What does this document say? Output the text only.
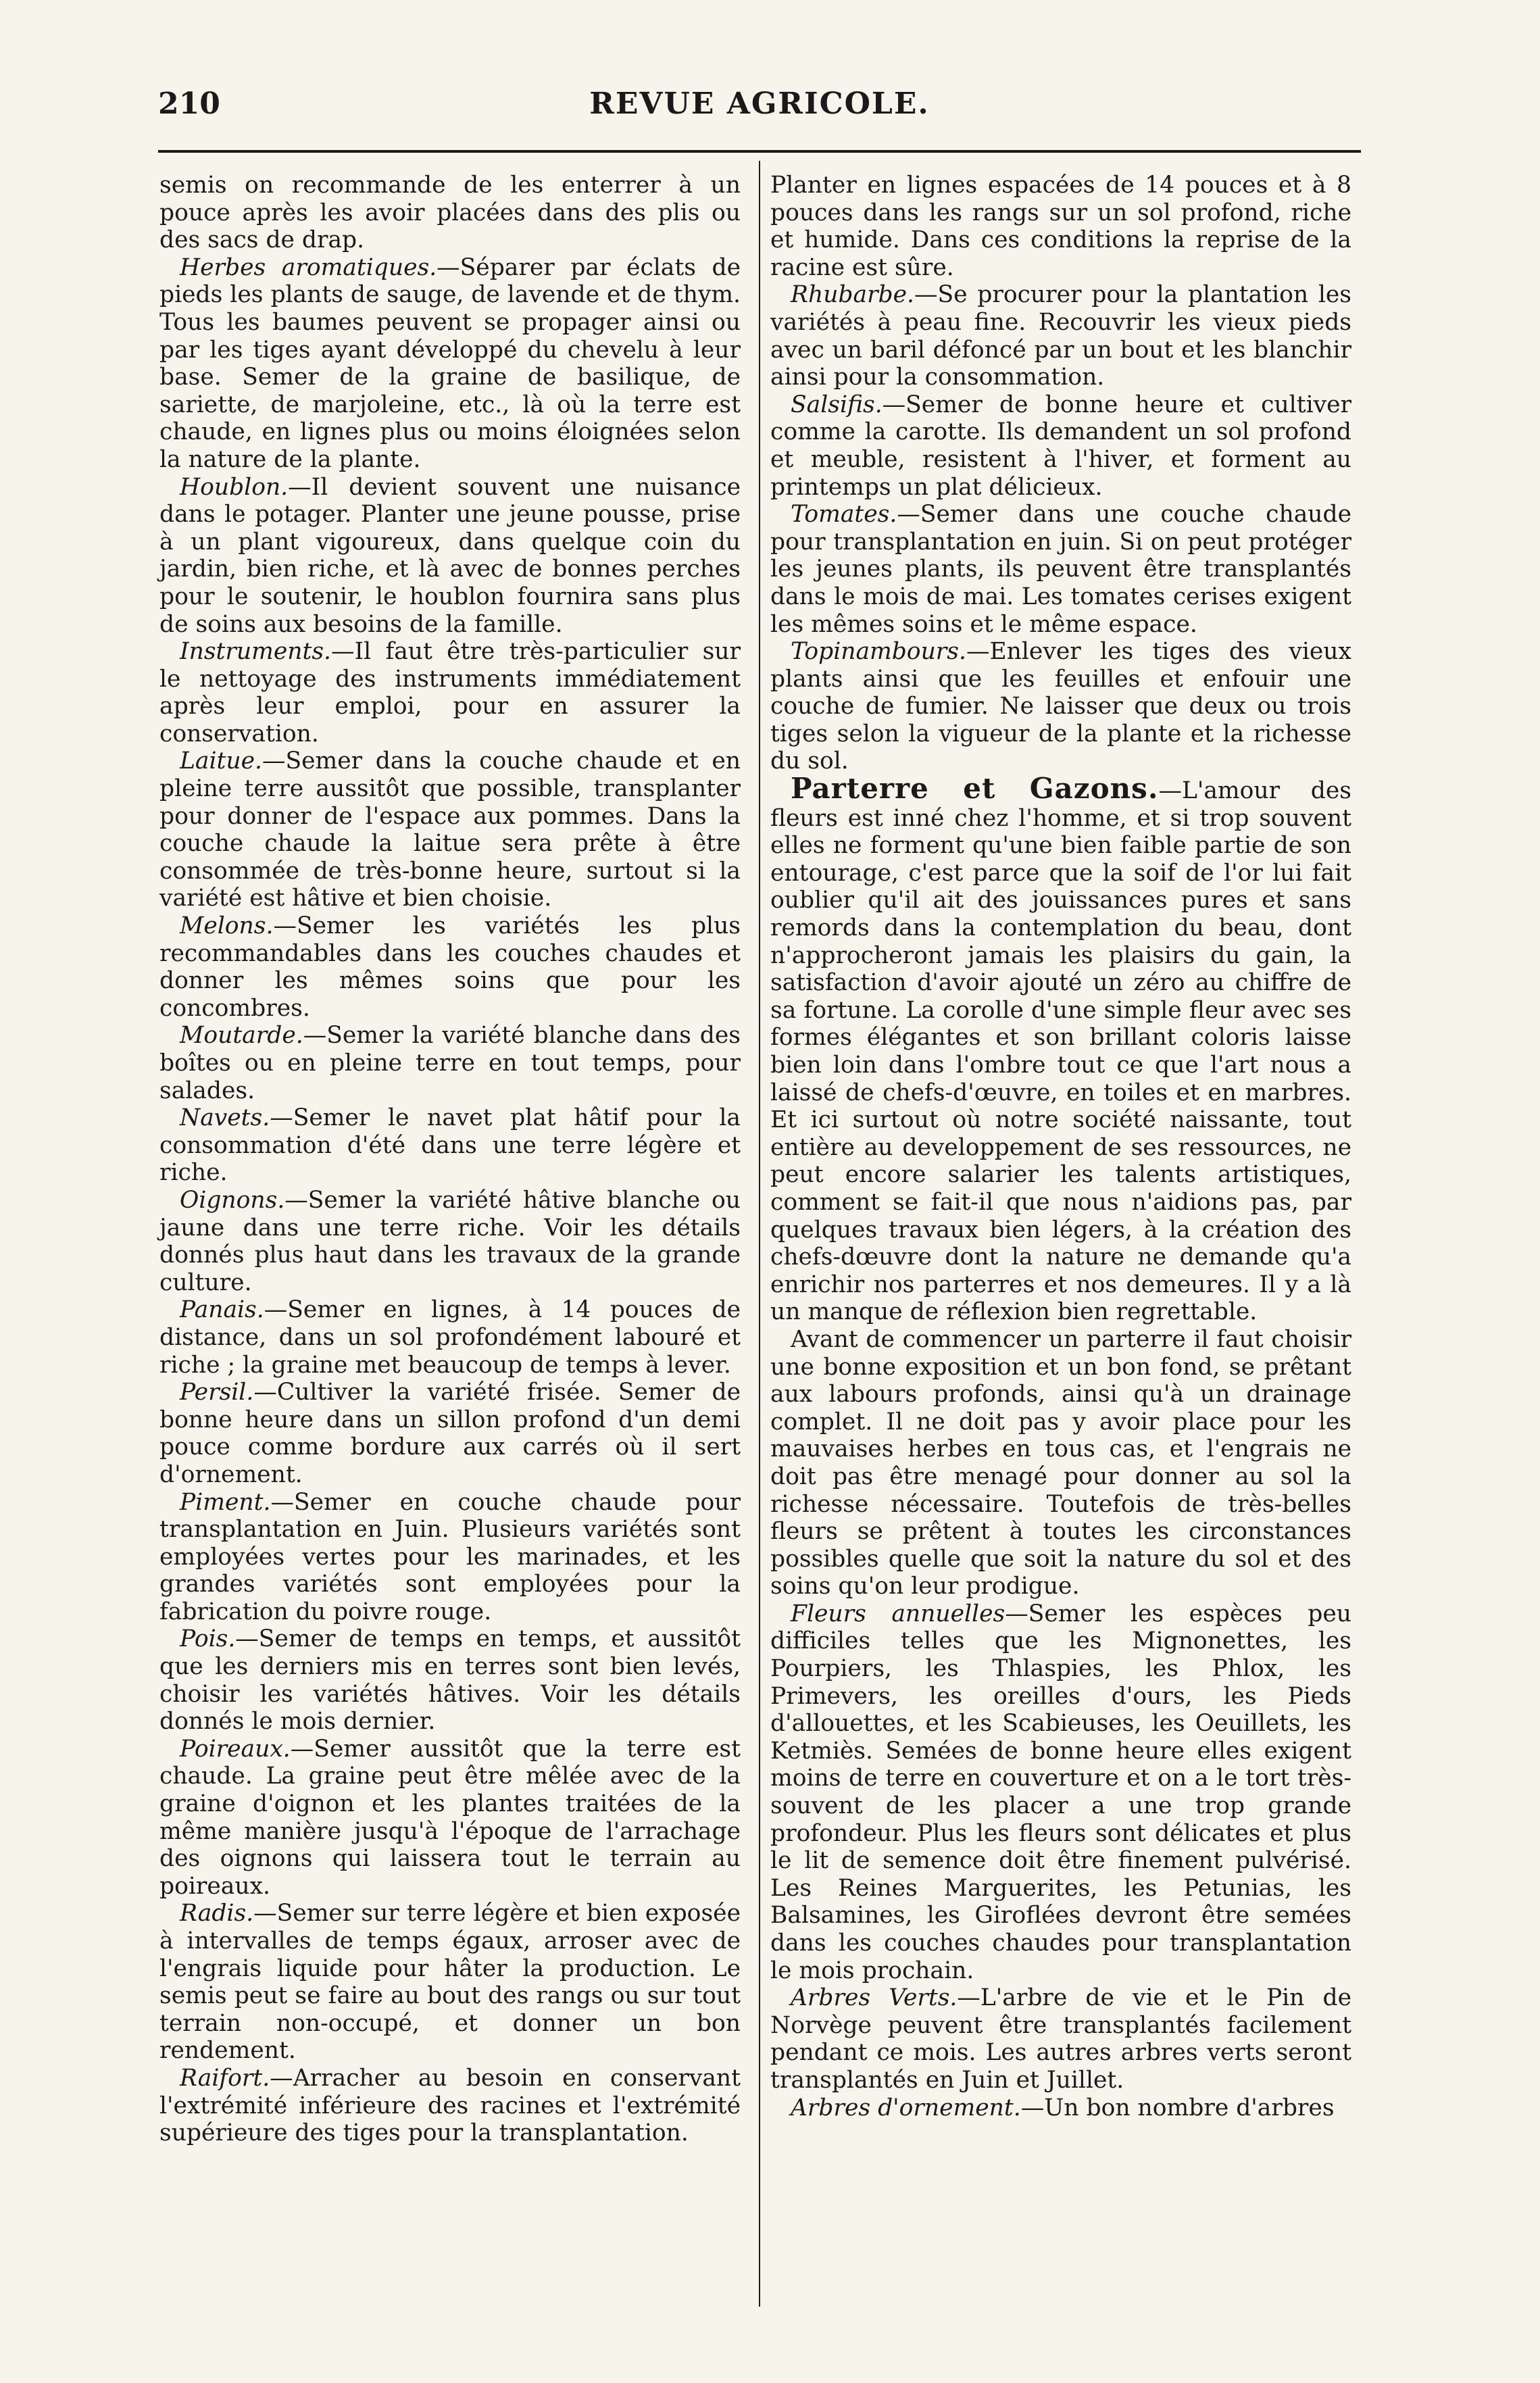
210	REVUE AGRICOLE.

semis on recommande de les enterrer à un pouce après les avoir placées dans des plis ou des sacs de drap.

Herbes aromatiques.—Séparer par éclats de pieds les plants de sauge, de lavende et de thym. Tous les baumes peuvent se propager ainsi ou par les tiges ayant développé du chevelu à leur base. Semer de la graine de basilique, de sariette, de marjoleine, etc., là où la terre est chaude, en lignes plus ou moins éloignées selon la nature de la plante.

Houblon.—Il devient souvent une nuisance dans le potager. Planter une jeune pousse, prise à un plant vigoureux, dans quelque coin du jardin, bien riche, et là avec de bonnes perches pour le soutenir, le houblon fournira sans plus de soins aux besoins de la famille.

Instruments.—Il faut être très-particulier sur le nettoyage des instruments immédiatement après leur emploi, pour en assurer la conservation.

Laitue.—Semer dans la couche chaude et en pleine terre aussitôt que possible, transplanter pour donner de l'espace aux pommes. Dans la couche chaude la laitue sera prête à être consommée de très-bonne heure, surtout si la variété est hâtive et bien choisie.

Melons.—Semer les variétés les plus recommandables dans les couches chaudes et donner les mêmes soins que pour les concombres.

Moutarde.—Semer la variété blanche dans des boîtes ou en pleine terre en tout temps, pour salades.

Navets.—Semer le navet plat hâtif pour la consommation d'été dans une terre légère et riche.

Oignons.—Semer la variété hâtive blanche ou jaune dans une terre riche. Voir les détails donnés plus haut dans les travaux de la grande culture.

Panais.—Semer en lignes, à 14 pouces de distance, dans un sol profondément labouré et riche ; la graine met beaucoup de temps à lever.

Persil.—Cultiver la variété frisée. Semer de bonne heure dans un sillon profond d'un demi pouce comme bordure aux carrés où il sert d'ornement.

Piment.—Semer en couche chaude pour transplantation en Juin. Plusieurs variétés sont employées vertes pour les marinades, et les grandes variétés sont employées pour la fabrication du poivre rouge.

Pois.—Semer de temps en temps, et aussitôt que les derniers mis en terres sont bien levés, choisir les variétés hâtives. Voir les détails donnés le mois dernier.

Poireaux.—Semer aussitôt que la terre est chaude. La graine peut être mêlée avec de la graine d'oignon et les plantes traitées de la même manière jusqu'à l'époque de l'arrachage des oignons qui laissera tout le terrain au poireaux.

Radis.—Semer sur terre légère et bien exposée à intervalles de temps égaux, arroser avec de l'engrais liquide pour hâter la production. Le semis peut se faire au bout des rangs ou sur tout terrain non-occupé, et donner un bon rendement.

Raifort.—Arracher au besoin en conservant l'extrémité inférieure des racines et l'extrémité supérieure des tiges pour la transplantation.

Planter en lignes espacées de 14 pouces et à 8 pouces dans les rangs sur un sol profond, riche et humide. Dans ces conditions la reprise de la racine est sûre.

Rhubarbe.—Se procurer pour la plantation les variétés à peau fine. Recouvrir les vieux pieds avec un baril défoncé par un bout et les blanchir ainsi pour la consommation.

Salsifis.—Semer de bonne heure et cultiver comme la carotte. Ils demandent un sol profond et meuble, resistent à l'hiver, et forment au printemps un plat délicieux.

Tomates.—Semer dans une couche chaude pour transplantation en juin. Si on peut protéger les jeunes plants, ils peuvent être transplantés dans le mois de mai. Les tomates cerises exigent les mêmes soins et le même espace.

Topinambours.—Enlever les tiges des vieux plants ainsi que les feuilles et enfouir une couche de fumier. Ne laisser que deux ou trois tiges selon la vigueur de la plante et la richesse du sol.

Parterre et Gazons.—L'amour des fleurs est inné chez l'homme, et si trop souvent elles ne forment qu'une bien faible partie de son entourage, c'est parce que la soif de l'or lui fait oublier qu'il ait des jouissances pures et sans remords dans la contemplation du beau, dont n'approcheront jamais les plaisirs du gain, la satisfaction d'avoir ajouté un zéro au chiffre de sa fortune. La corolle d'une simple fleur avec ses formes élégantes et son brillant coloris laisse bien loin dans l'ombre tout ce que l'art nous a laissé de chefs-d'œuvre, en toiles et en marbres. Et ici surtout où notre société naissante, tout entière au developpement de ses ressources, ne peut encore salarier les talents artistiques, comment se fait-il que nous n'aidions pas, par quelques travaux bien légers, à la création des chefs-dœuvre dont la nature ne demande qu'a enrichir nos parterres et nos demeures. Il y a là un manque de réflexion bien regrettable.

Avant de commencer un parterre il faut choisir une bonne exposition et un bon fond, se prêtant aux labours profonds, ainsi qu'à un drainage complet. Il ne doit pas y avoir place pour les mauvaises herbes en tous cas, et l'engrais ne doit pas être menagé pour donner au sol la richesse nécessaire. Toutefois de très-belles fleurs se prêtent à toutes les circonstances possibles quelle que soit la nature du sol et des soins qu'on leur prodigue.

Fleurs annuelles—Semer les espèces peu difficiles telles que les Mignonettes, les Pourpiers, les Thlaspies, les Phlox, les Primevers, les oreilles d'ours, les Pieds d'allouettes, et les Scabieuses, les Oeuillets, les Ketmiès. Semées de bonne heure elles exigent moins de terre en couverture et on a le tort très-souvent de les placer a une trop grande profondeur. Plus les fleurs sont délicates et plus le lit de semence doit être finement pulvérisé. Les Reines Marguerites, les Petunias, les Balsamines, les Giroflées devront être semées dans les couches chaudes pour transplantation le mois prochain.

Arbres Verts.—L'arbre de vie et le Pin de Norvège peuvent être transplantés facilement pendant ce mois. Les autres arbres verts seront transplantés en Juin et Juillet.

Arbres d'ornement.—Un bon nombre d'arbres
